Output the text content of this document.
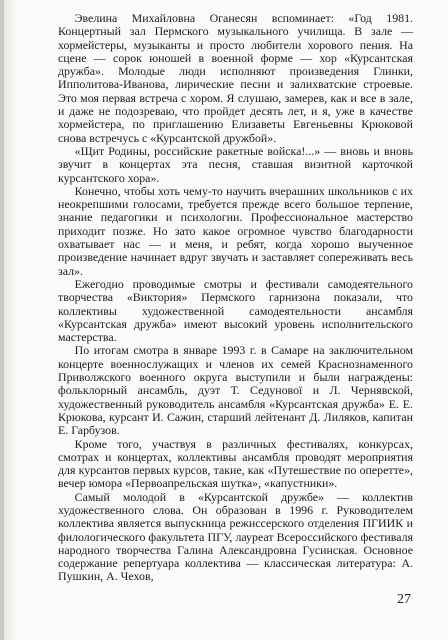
Эвелина Михайловна Оганесян вспоминает: «Год 1981. Концертный зал Пермского музыкального училища. В зале — хормейстеры, музыканты и просто любители хорового пения. На сцене — сорок юношей в военной форме — хор «Курсантская дружба». Молодые люди исполняют произведения Глинки, Ипполитова-Иванова, лирические песни и залихватские строевые. Это моя первая встреча с хором. Я слушаю, замерев, как и все в зале, и даже не подозреваю, что пройдет десять лет, и я, уже в качестве хормейстера, по приглашению Елизаветы Евгеньевны Крюковой снова встречусь с «Курсантской дружбой».

«Щит Родины, российские ракетные войска!...» — вновь и вновь звучит в концертах эта песня, ставшая визитной карточкой курсантского хора».

Конечно, чтобы хоть чему-то научить вчерашних школьников с их неокрепшими голосами, требуется прежде всего большое терпение, знание педагогики и психологии. Профессиональное мастерство приходит позже. Но зато какое огромное чувство благодарности охватывает нас — и меня, и ребят, когда хорошо выученное произведение начинает вдруг звучать и заставляет сопереживать весь зал».

Ежегодно проводимые смотры и фестивали самодеятельного творчества «Виктория» Пермского гарнизона показали, что коллективы художественной самодеятельности ансамбля «Курсантская дружба» имеют высокий уровень исполнительского мастерства.

По итогам смотра в январе 1993 г. в Самаре на заключительном концерте военнослужащих и членов их семей Краснознаменного Приволжского военного округа выступили и были награждены: фольклорный ансамбль, дуэт Т. Седунової и Л. Чернявской, художественный руководитель ансамбля «Курсантская дружба» Е. Е. Крюкова, курсант И. Сажин, старший лейтенант Д. Лиляков, капитан Е. Гарбузов.

Кроме того, участвуя в различных фестивалях, конкурсах, смотрах и концертах, коллективы ансамбля проводят мероприятия для курсантов первых курсов, такие, как «Путешествие по оперетте», вечер юмора «Первоапрельская шутка», «капустники».

Самый молодой в «Курсантской дружбе» — коллектив художественного слова. Он образован в 1996 г. Руководителем коллектива является выпускница режиссерского отделения ПГИИК и филологического факультета ПГУ, лауреат Всероссийского фестиваля народного творчества Галина Александровна Гусинская. Основное содержание репертуара коллектива — классическая литература: А. Пушкин, А. Чехов,

27
